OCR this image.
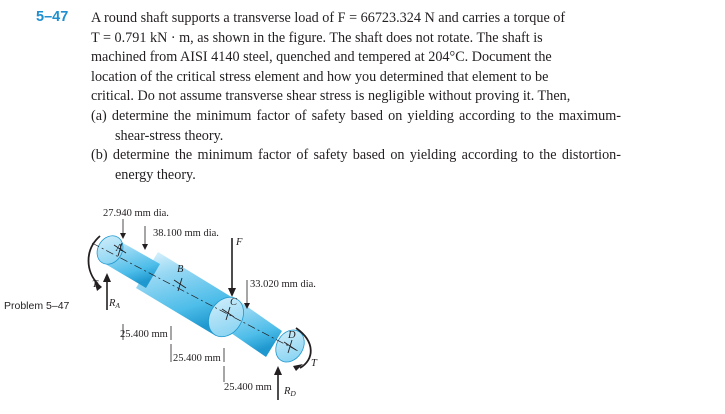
5–47 A round shaft supports a transverse load of F = 66723.324 N and carries a torque of

T = 0.791 kN · m, as shown in the figure. The shaft does not rotate. The shaft is

machined from AISI 4140 steel, quenched and tempered at 204°C. Document the

location of the critical stress element and how you determined that element to be

critical. Do not assume transverse shear stress is negligible without proving it. Then,

(a) determine the minimum factor of safety based on yielding according to the maximum-shear-stress theory.

(b) determine the minimum factor of safety based on yielding according to the distortion-energy theory.

Problem 5–47
A
B
C
D
T
T
RA
RD
F
27.940 mm dia.
38.100 mm dia.
33.020 mm dia.
25.400 mm
25.400 mm
25.400 mm
